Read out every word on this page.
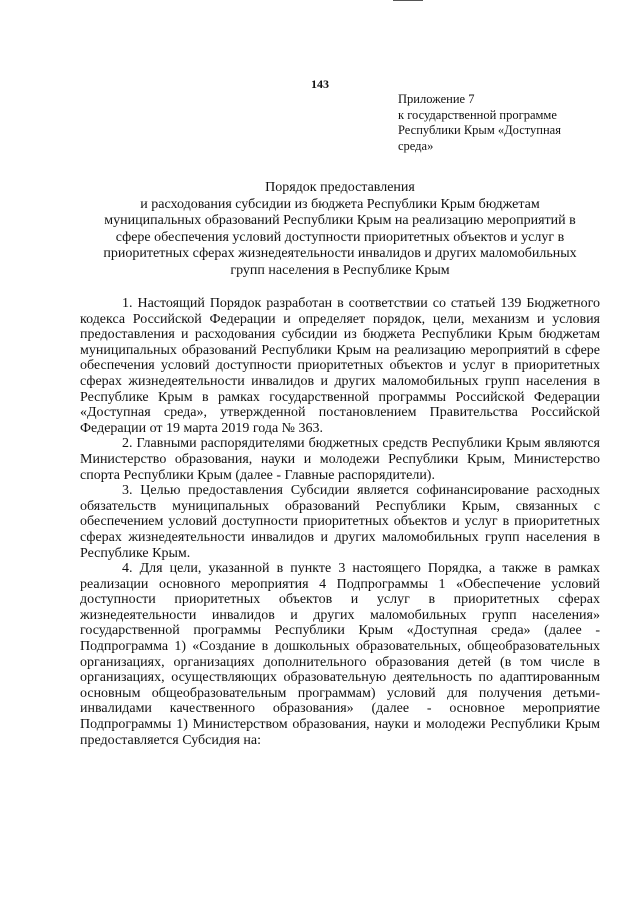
143
Приложение 7
к государственной программе
Республики Крым «Доступная
среда»
Порядок предоставления
и расходования субсидии из бюджета Республики Крым бюджетам
муниципальных образований Республики Крым на реализацию мероприятий в
сфере обеспечения условий доступности приоритетных объектов и услуг в
приоритетных сферах жизнедеятельности инвалидов и других маломобильных
групп населения в Республике Крым

1. Настоящий Порядок разработан в соответствии со статьей 139 Бюджетного кодекса Российской Федерации и определяет порядок, цели, механизм и условия предоставления и расходования субсидии из бюджета Республики Крым бюджетам муниципальных образований Республики Крым на реализацию мероприятий в сфере обеспечения условий доступности приоритетных объектов и услуг в приоритетных сферах жизнедеятельности инвалидов и других маломобильных групп населения в Республике Крым в рамках государственной программы Российской Федерации «Доступная среда», утвержденной постановлением Правительства Российской Федерации от 19 марта 2019 года № 363.

2. Главными распорядителями бюджетных средств Республики Крым являются Министерство образования, науки и молодежи Республики Крым, Министерство спорта Республики Крым (далее - Главные распорядители).

3. Целью предоставления Субсидии является софинансирование расходных обязательств муниципальных образований Республики Крым, связанных с обеспечением условий доступности приоритетных объектов и услуг в приоритетных сферах жизнедеятельности инвалидов и других маломобильных групп населения в Республике Крым.

4. Для цели, указанной в пункте 3 настоящего Порядка, а также в рамках реализации основного мероприятия 4 Подпрограммы 1 «Обеспечение условий доступности приоритетных объектов и услуг в приоритетных сферах жизнедеятельности инвалидов и других маломобильных групп населения» государственной программы Республики Крым «Доступная среда» (далее - Подпрограмма 1) «Создание в дошкольных образовательных, общеобразовательных организациях, организациях дополнительного образования детей (в том числе в организациях, осуществляющих образовательную деятельность по адаптированным основным общеобразовательным программам) условий для получения детьми-инвалидами качественного образования» (далее - основное мероприятие Подпрограммы 1) Министерством образования, науки и молодежи Республики Крым предоставляется Субсидия на:
